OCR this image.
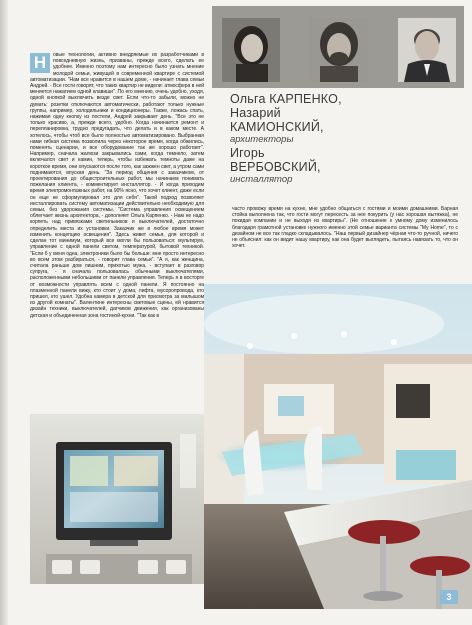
Н	овые технологии, активно внедряемые их разработчиками в повседневную жизнь, призваны, прежде всего, сделать ее удобнее. Именно поэтому нам интересно было узнать мнение молодой семьи, живущей в современной квартире с системой автоматизации. "Нам все нравится в нашем доме, - начинает глава семьи Андрей. - Все гости говорят, что таких квартир не видели: атмосфера в ней меняется нажатием одной клавиши". По его мнению, очень удобно, уходя, одной кнопкой выключить везде свет. Если что-то забыли, можно не думать: розетки отключаются автоматически, работают только нужные группы, например, холодильники и кондиционеры. Также, ложась спать, нажимая одну кнопку из постели, Андрей закрывает день. "Все это не только красиво, а, прежде всего, удобно. Когда начинается ремонт и перепланировка, трудно предугадать, что делать и в каком месте. А хотелось, чтобы чтоб все было полностью автоматизировано. Выбранная нами гибкая система позволила через некоторое время, когда обжились, поменять сценарии, и все оборудование так же хорошо работает". Например, сначала жалюзи закрывались сами, когда темнело, затем включался свет и камин, теперь, чтобы избежать темноты даже на короткое время, они опускаются после того, как зажжен свет, а утром сами поднимаются, впуская день. "За период общения с заказчиком, от проектирования до общестроительных работ, мы начинаем понимать пожелания клиента, - комментирует инсталлятор. - И когда приходим время электромонтажных работ, на 90% ясно, что хочет клиент, даже если он еще не сформулировал это для себя". Такой подход позволяет инсталлировать систему автоматизации действительно необходимую для семьи, без удорожания системы. "Система управления освещением облегчает жизнь архитектора, - дополняет Ольга Карпенко. - Нам не надо корпеть над привязками светильников и выключателей, достаточно определить места их установки. Заказчик же в любое время может изменить концепцию освещения". Здесь живет семья, для которой и сделан тот минимум, который все могли бы пользоваться: мультирум, управление с одной панели светом, температурой, бытовой техникой. "Если б у меня одна, электроники было бы больше: мне просто интересно во всем этом разбираться, - говорит глава семьи". "А я, как женщина, считала раньше дом лишним, прихотью мужа, - вступает в разговор супруга, - я сначала пользовалась обычными выключателями, расположенными небольшими от панели управления. Теперь я в восторге от возможности управлять всем с одной панели. Я постоянно на плазменной панели вижу, кто стоит у дома, лифта, мусоропровода, кто пришел, кто ушел. Удобна камера в детской для присмотра за малышом из другой комнаты". Валентине интересны световые сцены, ей нравится дизайн техники, выключателей, датчиков движения, как организованы детская и объединенная зона гостиной-кухни. "Так как в

Ольга КАРПЕНКО,
Назарий
КАМИОНСКИЙ,
архитекторы
Игорь
ВЕРБОВСКИЙ,
инсталлятор

часто провожу время на кухне, мне удобно общаться с гостями и моими домашними. Барная стойка выполнена так, что гости могут пересесть за нее покурить (у нас хорошая вытяжка), не покидая компании и не выходя из квартиры". (Не отношение к умному дому изменилось благодаря грамотной установке нужного именно этой семье варианта системы "My Home", то с дизайном не все так гладко складывалось. "Наш первый дизайнер чёрная что-то ручной, ничего не объяснил: как он видит нашу квартиру, как она будет выглядеть, пытаясь навязать то, что он хочет.

3
